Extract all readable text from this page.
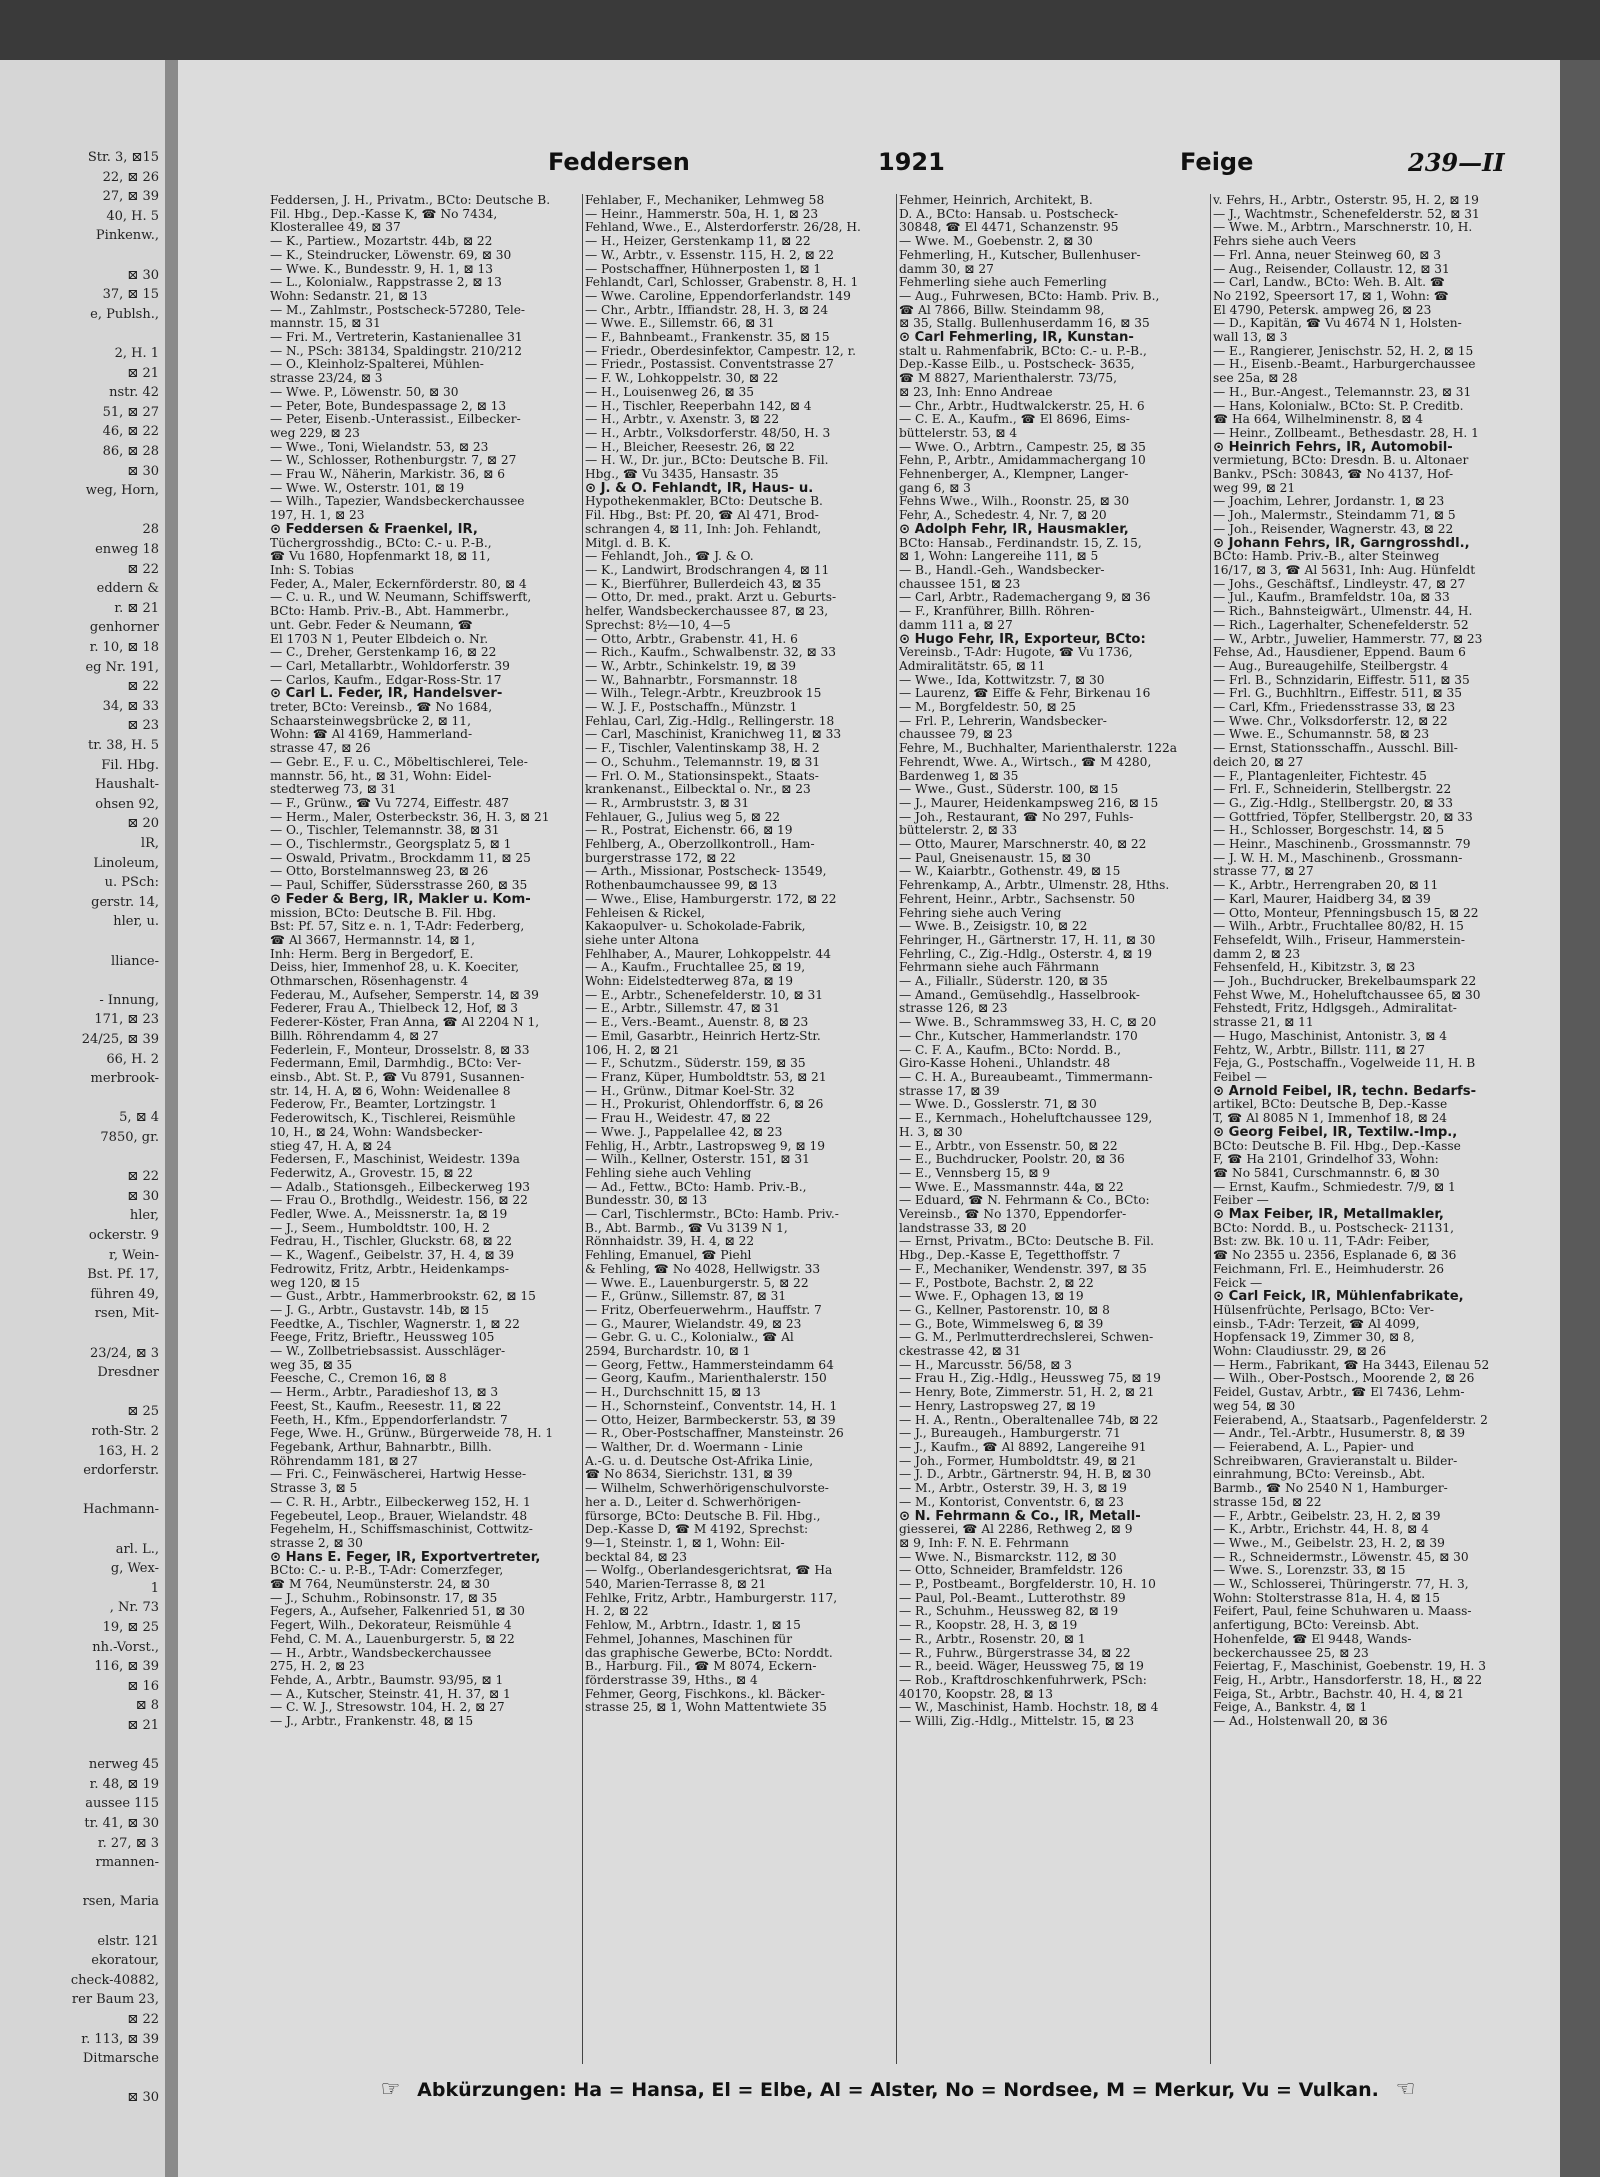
Str. 3, ⊠15
22, ⊠ 26
27, ⊠ 39
40, H. 5
Pinkenw.,
⊠ 30
37, ⊠ 15
e, Publsh.,
2, H. 1
⊠ 21
nstr. 42
51, ⊠ 27
46, ⊠ 22
86, ⊠ 28
⊠ 30
weg, Horn,
28
enweg 18
⊠ 22
eddern &
r. ⊠ 21
genhorner
r. 10, ⊠ 18
eg Nr. 191,
⊠ 22
34, ⊠ 33
⊠ 23
tr. 38, H. 5
Fil. Hbg.
Haushalt-
ohsen 92,
⊠ 20
lR,
Linoleum,
u. PSch:
gerstr. 14,
hler, u.
lliance-
- Innung,
171, ⊠ 23
24/25, ⊠ 39
66, H. 2
merbrook-
5, ⊠ 4
7850, gr.
⊠ 22
⊠ 30
hler,
ockerstr. 9
r, Wein-
Bst. Pf. 17,
führen 49,
rsen, Mit-
23/24, ⊠ 3
Dresdner
⊠ 25
roth-Str. 2
163, H. 2
erdorferstr.
Hachmann-
arl. L.,
g, Wex-
1
, Nr. 73
19, ⊠ 25
nh.-Vorst.,
116, ⊠ 39
⊠ 16
⊠ 8
⊠ 21
nerweg 45
r. 48, ⊠ 19
aussee 115
tr. 41, ⊠ 30
r. 27, ⊠ 3
rmannen-
rsen, Maria
elstr. 121
ekoratour,
check-40882,
rer Baum 23,
⊠ 22
r. 113, ⊠ 39
Ditmarsche
⊠ 30
Feddersen	1921	Feige	239—II
Feddersen, J. H., Privatm., BCto: Deutsche B.
Fil. Hbg., Dep.-Kasse K, ☎ No 7434,
Klosterallee 49, ⊠ 37
— K., Partiew., Mozartstr. 44b, ⊠ 22
— K., Steindrucker, Löwenstr. 69, ⊠ 30
— Wwe. K., Bundesstr. 9, H. 1, ⊠ 13
— L., Kolonialw., Rappstrasse 2, ⊠ 13
Wohn: Sedanstr. 21, ⊠ 13
— M., Zahlmstr., Postscheck-57280, Tele-
mannstr. 15, ⊠ 31
— Fri. M., Vertreterin, Kastanienallee 31
— N., PSch: 38134, Spaldingstr. 210/212
— O., Kleinholz-Spalterei, Mühlen-
strasse 23/24, ⊠ 3
— Wwe. P., Löwenstr. 50, ⊠ 30
— Peter, Bote, Bundespassage 2, ⊠ 13
— Peter, Eisenb.-Unterassist., Eilbecker-
weg 229, ⊠ 23
— Wwe., Toni, Wielandstr. 53, ⊠ 23
— W., Schlosser, Rothenburgstr. 7, ⊠ 27
— Frau W., Näherin, Markistr. 36, ⊠ 6
— Wwe. W., Osterstr. 101, ⊠ 19
— Wilh., Tapezier, Wandsbeckerchaussee
197, H. 1, ⊠ 23
⊙ Feddersen & Fraenkel, IR,
Tüchergrosshdig., BCto: C.- u. P.-B.,
☎ Vu 1680, Hopfenmarkt 18, ⊠ 11,
Inh: S. Tobias
Feder, A., Maler, Eckernförderstr. 80, ⊠ 4
— C. u. R., und W. Neumann, Schiffswerft,
BCto: Hamb. Priv.-B., Abt. Hammerbr.,
unt. Gebr. Feder & Neumann, ☎
El 1703 N 1, Peuter Elbdeich o. Nr.
— C., Dreher, Gerstenkamp 16, ⊠ 22
— Carl, Metallarbtr., Wohldorferstr. 39
— Carlos, Kaufm., Edgar-Ross-Str. 17
⊙ Carl L. Feder, IR, Handelsver-
treter, BCto: Vereinsb., ☎ No 1684,
Schaarsteinwegsbrücke 2, ⊠ 11,
Wohn: ☎ Al 4169, Hammerland-
strasse 47, ⊠ 26
— Gebr. E., F. u. C., Möbeltischlerei, Tele-
mannstr. 56, ht., ⊠ 31, Wohn: Eidel-
stedterweg 73, ⊠ 31
— F., Grünw., ☎ Vu 7274, Eiffestr. 487
— Herm., Maler, Osterbeckstr. 36, H. 3, ⊠ 21
— O., Tischler, Telemannstr. 38, ⊠ 31
— O., Tischlermstr., Georgsplatz 5, ⊠ 1
— Oswald, Privatm., Brockdamm 11, ⊠ 25
— Otto, Borstelmannsweg 23, ⊠ 26
— Paul, Schiffer, Südersstrasse 260, ⊠ 35
⊙ Feder & Berg, IR, Makler u. Kom-
mission, BCto: Deutsche B. Fil. Hbg.
Bst: Pf. 57, Sitz e. n. 1, T-Adr: Federberg,
☎ Al 3667, Hermannstr. 14, ⊠ 1,
Inh: Herm. Berg in Bergedorf, E.
Deiss, hier, Immenhof 28, u. K. Koeciter,
Othmarschen, Rösenhagenstr. 4
Federau, M., Aufseher, Semperstr. 14, ⊠ 39
Federer, Frau A., Thielbeck 12, Hof, ⊠ 3
Federer-Köster, Fran Anna, ☎ Al 2204 N 1,
Billh. Röhrendamm 4, ⊠ 27
Federlein, F., Monteur, Drosselstr. 8, ⊠ 33
Federmann, Emil, Darmhdig., BCto: Ver-
einsb., Abt. St. P., ☎ Vu 8791, Susannen-
str. 14, H. A, ⊠ 6, Wohn: Weidenallee 8
Federow, Fr., Beamter, Lortzingstr. 1
Federowitsch, K., Tischlerei, Reismühle
10, H., ⊠ 24, Wohn: Wandsbecker-
stieg 47, H. A, ⊠ 24
Federsen, F., Maschinist, Weidestr. 139a
Federwitz, A., Grovestr. 15, ⊠ 22
— Adalb., Stationsgeh., Eilbeckerweg 193
— Frau O., Brothdlg., Weidestr. 156, ⊠ 22
Fedler, Wwe. A., Meissnerstr. 1a, ⊠ 19
— J., Seem., Humboldtstr. 100, H. 2
Fedrau, H., Tischler, Gluckstr. 68, ⊠ 22
— K., Wagenf., Geibelstr. 37, H. 4, ⊠ 39
Fedrowitz, Fritz, Arbtr., Heidenkamps-
weg 120, ⊠ 15
— Gust., Arbtr., Hammerbrookstr. 62, ⊠ 15
— J. G., Arbtr., Gustavstr. 14b, ⊠ 15
Feedtke, A., Tischler, Wagnerstr. 1, ⊠ 22
Feege, Fritz, Brieftr., Heussweg 105
— W., Zollbetriebsassist. Ausschläger-
weg 35, ⊠ 35
Feesche, C., Cremon 16, ⊠ 8
— Herm., Arbtr., Paradieshof 13, ⊠ 3
Feest, St., Kaufm., Reesestr. 11, ⊠ 22
Feeth, H., Kfm., Eppendorferlandstr. 7
Fege, Wwe. H., Grünw., Bürgerweide 78, H. 1
Fegebank, Arthur, Bahnarbtr., Billh.
Röhrendamm 181, ⊠ 27
— Fri. C., Feinwäscherei, Hartwig Hesse-
Strasse 3, ⊠ 5
— C. R. H., Arbtr., Eilbeckerweg 152, H. 1
Fegebeutel, Leop., Brauer, Wielandstr. 48
Fegehelm, H., Schiffsmaschinist, Cottwitz-
strasse 2, ⊠ 30
⊙ Hans E. Feger, IR, Exportvertreter,
BCto: C.- u. P.-B., T-Adr: Comerzfeger,
☎ M 764, Neumünsterstr. 24, ⊠ 30
— J., Schuhm., Robinsonstr. 17, ⊠ 35
Fegers, A., Aufseher, Falkenried 51, ⊠ 30
Fegert, Wilh., Dekorateur, Reismühle 4
Fehd, C. M. A., Lauenburgerstr. 5, ⊠ 22
— H., Arbtr., Wandsbeckerchaussee
275, H. 2, ⊠ 23
Fehde, A., Arbtr., Baumstr. 93/95, ⊠ 1
— A., Kutscher, Steinstr. 41, H. 37, ⊠ 1
— C. W. J., Stresowstr. 104, H. 2, ⊠ 27
— J., Arbtr., Frankenstr. 48, ⊠ 15
Fehlaber, F., Mechaniker, Lehmweg 58
— Heinr., Hammerstr. 50a, H. 1, ⊠ 23
Fehland, Wwe., E., Alsterdorferstr. 26/28, H.
— H., Heizer, Gerstenkamp 11, ⊠ 22
— W., Arbtr., v. Essenstr. 115, H. 2, ⊠ 22
— Postschaffner, Hühnerposten 1, ⊠ 1
Fehlandt, Carl, Schlosser, Grabenstr. 8, H. 1
— Wwe. Caroline, Eppendorferlandstr. 149
— Chr., Arbtr., Iffiandstr. 28, H. 3, ⊠ 24
— Wwe. E., Sillemstr. 66, ⊠ 31
— F., Bahnbeamt., Frankenstr. 35, ⊠ 15
— Friedr., Oberdesinfektor, Campestr. 12, r.
— Friedr., Postassist. Conventstrasse 27
— F. W., Lohkoppelstr. 30, ⊠ 22
— H., Louisenweg 26, ⊠ 35
— H., Tischler, Reeperbahn 142, ⊠ 4
— H., Arbtr., v. Axenstr. 3, ⊠ 22
— H., Arbtr., Volksdorferstr. 48/50, H. 3
— H., Bleicher, Reesestr. 26, ⊠ 22
— H. W., Dr. jur., BCto: Deutsche B. Fil.
Hbg., ☎ Vu 3435, Hansastr. 35
⊙ J. & O. Fehlandt, IR, Haus- u.
Hypothekenmakler, BCto: Deutsche B.
Fil. Hbg., Bst: Pf. 20, ☎ Al 471, Brod-
schrangen 4, ⊠ 11, Inh: Joh. Fehlandt,
Mitgl. d. B. K.
— Fehlandt, Joh., ☎ J. & O.
— K., Landwirt, Brodschrangen 4, ⊠ 11
— K., Bierführer, Bullerdeich 43, ⊠ 35
— Otto, Dr. med., prakt. Arzt u. Geburts-
helfer, Wandsbeckerchaussee 87, ⊠ 23,
Sprechst: 8½—10, 4—5
— Otto, Arbtr., Grabenstr. 41, H. 6
— Rich., Kaufm., Schwalbenstr. 32, ⊠ 33
— W., Arbtr., Schinkelstr. 19, ⊠ 39
— W., Bahnarbtr., Forsmannstr. 18
— Wilh., Telegr.-Arbtr., Kreuzbrook 15
— W. J. F., Postschaffn., Münzstr. 1
Fehlau, Carl, Zig.-Hdlg., Rellingerstr. 18
— Carl, Maschinist, Kranichweg 11, ⊠ 33
— F., Tischler, Valentinskamp 38, H. 2
— O., Schuhm., Telemannstr. 19, ⊠ 31
— Frl. O. M., Stationsinspekt., Staats-
krankenanst., Eilbecktal o. Nr., ⊠ 23
— R., Armbruststr. 3, ⊠ 31
Fehlauer, G., Julius weg 5, ⊠ 22
— R., Postrat, Eichenstr. 66, ⊠ 19
Fehlberg, A., Oberzollkontroll., Ham-
burgerstrasse 172, ⊠ 22
— Arth., Missionar, Postscheck- 13549,
Rothenbaumchaussee 99, ⊠ 13
— Wwe., Elise, Hamburgerstr. 172, ⊠ 22
Fehleisen & Rickel,
Kakaopulver- u. Schokolade-Fabrik,
siehe unter Altona
Fehlhaber, A., Maurer, Lohkoppelstr. 44
— A., Kaufm., Fruchtallee 25, ⊠ 19,
Wohn: Eidelstedterweg 87a, ⊠ 19
— E., Arbtr., Schenefelderstr. 10, ⊠ 31
— E., Arbtr., Sillemstr. 47, ⊠ 31
— E., Vers.-Beamt., Auenstr. 8, ⊠ 23
— Emil, Gasarbtr., Heinrich Hertz-Str.
106, H. 2, ⊠ 21
— F., Schutzm., Süderstr. 159, ⊠ 35
— Franz, Küper, Humboldtstr. 53, ⊠ 21
— H., Grünw., Ditmar Koel-Str. 32
— H., Prokurist, Ohlendorffstr. 6, ⊠ 26
— Frau H., Weidestr. 47, ⊠ 22
— Wwe. J., Pappelallee 42, ⊠ 23
Fehlig, H., Arbtr., Lastropsweg 9, ⊠ 19
— Wilh., Kellner, Osterstr. 151, ⊠ 31
Fehling siehe auch Vehling
— Ad., Fettw., BCto: Hamb. Priv.-B.,
Bundesstr. 30, ⊠ 13
— Carl, Tischlermstr., BCto: Hamb. Priv.-
B., Abt. Barmb., ☎ Vu 3139 N 1,
Rönnhaidstr. 39, H. 4, ⊠ 22
Fehling, Emanuel, ☎ Piehl
& Fehling, ☎ No 4028, Hellwigstr. 33
— Wwe. E., Lauenburgerstr. 5, ⊠ 22
— F., Grünw., Sillemstr. 87, ⊠ 31
— Fritz, Oberfeuerwehrm., Hauffstr. 7
— G., Maurer, Wielandstr. 49, ⊠ 23
— Gebr. G. u. C., Kolonialw., ☎ Al
2594, Burchardstr. 10, ⊠ 1
— Georg, Fettw., Hammersteindamm 64
— Georg, Kaufm., Marienthalerstr. 150
— H., Durchschnitt 15, ⊠ 13
— H., Schornsteinf., Conventstr. 14, H. 1
— Otto, Heizer, Barmbeckerstr. 53, ⊠ 39
— R., Ober-Postschaffner, Mansteinstr. 26
— Walther, Dr. d. Woermann - Linie
A.-G. u. d. Deutsche Ost-Afrika Linie,
☎ No 8634, Sierichstr. 131, ⊠ 39
— Wilhelm, Schwerhörigenschulvorste-
her a. D., Leiter d. Schwerhörigen-
fürsorge, BCto: Deutsche B. Fil. Hbg.,
Dep.-Kasse D, ☎ M 4192, Sprechst:
9—1, Steinstr. 1, ⊠ 1, Wohn: Eil-
becktal 84, ⊠ 23
— Wolfg., Oberlandesgerichtsrat, ☎ Ha
540, Marien-Terrasse 8, ⊠ 21
Fehlke, Fritz, Arbtr., Hamburgerstr. 117,
H. 2, ⊠ 22
Fehlow, M., Arbtrn., Idastr. 1, ⊠ 15
Fehmel, Johannes, Maschinen für
das graphische Gewerbe, BCto: Norddt.
B., Harburg. Fil., ☎ M 8074, Eckern-
förderstrasse 39, Hths., ⊠ 4
Fehmer, Georg, Fischkons., kl. Bäcker-
strasse 25, ⊠ 1, Wohn Mattentwiete 35
Fehmer, Heinrich, Architekt, B.
D. A., BCto: Hansab. u. Postscheck-
30848, ☎ El 4471, Schanzenstr. 95
— Wwe. M., Goebenstr. 2, ⊠ 30
Fehmerling, H., Kutscher, Bullenhuser-
damm 30, ⊠ 27
Fehmerling siehe auch Femerling
— Aug., Fuhrwesen, BCto: Hamb. Priv. B.,
☎ Al 7866, Billw. Steindamm 98,
⊠ 35, Stallg. Bullenhuserdamm 16, ⊠ 35
⊙ Carl Fehmerling, IR, Kunstan-
stalt u. Rahmenfabrik, BCto: C.- u. P.-B.,
Dep.-Kasse Eilb., u. Postscheck- 3635,
☎ M 8827, Marienthalerstr. 73/75,
⊠ 23, Inh: Enno Andreae
— Chr., Arbtr., Hudtwalckerstr. 25, H. 6
— C. E. A., Kaufm., ☎ El 8696, Eims-
büttelerstr. 53, ⊠ 4
— Wwe. O., Arbtrn., Campestr. 25, ⊠ 35
Fehn, P., Arbtr., Amidammachergang 10
Fehnenberger, A., Klempner, Langer-
gang 6, ⊠ 3
Fehns Wwe., Wilh., Roonstr. 25, ⊠ 30
Fehr, A., Schedestr. 4, Nr. 7, ⊠ 20
⊙ Adolph Fehr, IR, Hausmakler,
BCto: Hansab., Ferdinandstr. 15, Z. 15,
⊠ 1, Wohn: Langereihe 111, ⊠ 5
— B., Handl.-Geh., Wandsbecker-
chaussee 151, ⊠ 23
— Carl, Arbtr., Rademachergang 9, ⊠ 36
— F., Kranführer, Billh. Röhren-
damm 111 a, ⊠ 27
⊙ Hugo Fehr, IR, Exporteur, BCto:
Vereinsb., T-Adr: Hugote, ☎ Vu 1736,
Admiralitätstr. 65, ⊠ 11
— Wwe., Ida, Kottwitzstr. 7, ⊠ 30
— Laurenz, ☎ Eiffe & Fehr, Birkenau 16
— M., Borgfeldestr. 50, ⊠ 25
— Frl. P., Lehrerin, Wandsbecker-
chaussee 79, ⊠ 23
Fehre, M., Buchhalter, Marienthalerstr. 122a
Fehrendt, Wwe. A., Wirtsch., ☎ M 4280,
Bardenweg 1, ⊠ 35
— Wwe., Gust., Süderstr. 100, ⊠ 15
— J., Maurer, Heidenkampsweg 216, ⊠ 15
— Joh., Restaurant, ☎ No 297, Fuhls-
büttelerstr. 2, ⊠ 33
— Otto, Maurer, Marschnerstr. 40, ⊠ 22
— Paul, Gneisenaustr. 15, ⊠ 30
— W., Kaiarbtr., Gothenstr. 49, ⊠ 15
Fehrenkamp, A., Arbtr., Ulmenstr. 28, Hths.
Fehrent, Heinr., Arbtr., Sachsenstr. 50
Fehring siehe auch Vering
— Wwe. B., Zeisigstr. 10, ⊠ 22
Fehringer, H., Gärtnerstr. 17, H. 11, ⊠ 30
Fehrling, C., Zig.-Hdlg., Osterstr. 4, ⊠ 19
Fehrmann siehe auch Fährmann
— A., Filiallr., Süderstr. 120, ⊠ 35
— Amand., Gemüsehdlg., Hasselbrook-
strasse 126, ⊠ 23
— Wwe. B., Schrammsweg 33, H. C, ⊠ 20
— Chr., Kutscher, Hammerlandstr. 170
— C. F. A., Kaufm., BCto: Nordd. B.,
Giro-Kasse Hoheni., Uhlandstr. 48
— C. H. A., Bureaubeamt., Timmermann-
strasse 17, ⊠ 39
— Wwe. D., Gosslerstr. 71, ⊠ 30
— E., Kernmach., Hoheluftchaussee 129,
H. 3, ⊠ 30
— E., Arbtr., von Essenstr. 50, ⊠ 22
— E., Buchdrucker, Poolstr. 20, ⊠ 36
— E., Vennsberg 15, ⊠ 9
— Wwe. E., Massmannstr. 44a, ⊠ 22
— Eduard, ☎ N. Fehrmann & Co., BCto:
Vereinsb., ☎ No 1370, Eppendorfer-
landstrasse 33, ⊠ 20
— Ernst, Privatm., BCto: Deutsche B. Fil.
Hbg., Dep.-Kasse E, Tegetthoffstr. 7
— F., Mechaniker, Wendenstr. 397, ⊠ 35
— F., Postbote, Bachstr. 2, ⊠ 22
— Wwe. F., Ophagen 13, ⊠ 19
— G., Kellner, Pastorenstr. 10, ⊠ 8
— G., Bote, Wimmelsweg 6, ⊠ 39
— G. M., Perlmutterdrechslerei, Schwen-
ckestrasse 42, ⊠ 31
— H., Marcusstr. 56/58, ⊠ 3
— Frau H., Zig.-Hdlg., Heussweg 75, ⊠ 19
— Henry, Bote, Zimmerstr. 51, H. 2, ⊠ 21
— Henry, Lastropsweg 27, ⊠ 19
— H. A., Rentn., Oberaltenallee 74b, ⊠ 22
— J., Bureaugeh., Hamburgerstr. 71
— J., Kaufm., ☎ Al 8892, Langereihe 91
— Joh., Former, Humboldtstr. 49, ⊠ 21
— J. D., Arbtr., Gärtnerstr. 94, H. B, ⊠ 30
— M., Arbtr., Osterstr. 39, H. 3, ⊠ 19
— M., Kontorist, Conventstr. 6, ⊠ 23
⊙ N. Fehrmann & Co., IR, Metall-
giesserei, ☎ Al 2286, Rethweg 2, ⊠ 9
⊠ 9, Inh: F. N. E. Fehrmann
— Wwe. N., Bismarckstr. 112, ⊠ 30
— Otto, Schneider, Bramfeldstr. 126
— P., Postbeamt., Borgfelderstr. 10, H. 10
— Paul, Pol.-Beamt., Lutterothstr. 89
— R., Schuhm., Heussweg 82, ⊠ 19
— R., Koopstr. 28, H. 3, ⊠ 19
— R., Arbtr., Rosenstr. 20, ⊠ 1
— R., Fuhrw., Bürgerstrasse 34, ⊠ 22
— R., beeid. Wäger, Heussweg 75, ⊠ 19
— Rob., Kraftdroschkenfuhrwerk, PSch:
40170, Koopstr. 28, ⊠ 13
— W., Maschinist, Hamb. Hochstr. 18, ⊠ 4
— Willi, Zig.-Hdlg., Mittelstr. 15, ⊠ 23
v. Fehrs, H., Arbtr., Osterstr. 95, H. 2, ⊠ 19
— J., Wachtmstr., Schenefelderstr. 52, ⊠ 31
— Wwe. M., Arbtrn., Marschnerstr. 10, H.
Fehrs siehe auch Veers
— Frl. Anna, neuer Steinweg 60, ⊠ 3
— Aug., Reisender, Collaustr. 12, ⊠ 31
— Carl, Landw., BCto: Weh. B. Alt. ☎
No 2192, Speersort 17, ⊠ 1, Wohn: ☎
El 4790, Petersk. ampweg 26, ⊠ 23
— D., Kapitän, ☎ Vu 4674 N 1, Holsten-
wall 13, ⊠ 3
— E., Rangierer, Jenischstr. 52, H. 2, ⊠ 15
— H., Eisenb.-Beamt., Harburgerchaussee
see 25a, ⊠ 28
— H., Bur.-Angest., Telemannstr. 23, ⊠ 31
— Hans, Kolonialw., BCto: St. P. Creditb.
☎ Ha 664, Wilhelminenstr. 8, ⊠ 4
— Heinr., Zollbeamt., Bethesdastr. 28, H. 1
⊙ Heinrich Fehrs, IR, Automobil-
vermietung, BCto: Dresdn. B. u. Altonaer
Bankv., PSch: 30843, ☎ No 4137, Hof-
weg 99, ⊠ 21
— Joachim, Lehrer, Jordanstr. 1, ⊠ 23
— Joh., Malermstr., Steindamm 71, ⊠ 5
— Joh., Reisender, Wagnerstr. 43, ⊠ 22
⊙ Johann Fehrs, IR, Garngrosshdl.,
BCto: Hamb. Priv.-B., alter Steinweg
16/17, ⊠ 3, ☎ Al 5631, Inh: Aug. Hünfeldt
— Johs., Geschäftsf., Lindleystr. 47, ⊠ 27
— Jul., Kaufm., Bramfeldstr. 10a, ⊠ 33
— Rich., Bahnsteigwärt., Ulmenstr. 44, H.
— Rich., Lagerhalter, Schenefelderstr. 52
— W., Arbtr., Juwelier, Hammerstr. 77, ⊠ 23
Fehse, Ad., Hausdiener, Eppend. Baum 6
— Aug., Bureaugehilfe, Steilbergstr. 4
— Frl. B., Schnzidarin, Eiffestr. 511, ⊠ 35
— Frl. G., Buchhltrn., Eiffestr. 511, ⊠ 35
— Carl, Kfm., Friedensstrasse 33, ⊠ 23
— Wwe. Chr., Volksdorferstr. 12, ⊠ 22
— Wwe. E., Schumannstr. 58, ⊠ 23
— Ernst, Stationsschaffn., Ausschl. Bill-
deich 20, ⊠ 27
— F., Plantagenleiter, Fichtestr. 45
— Frl. F., Schneiderin, Stellbergstr. 22
— G., Zig.-Hdlg., Stellbergstr. 20, ⊠ 33
— Gottfried, Töpfer, Stellbergstr. 20, ⊠ 33
— H., Schlosser, Borgeschstr. 14, ⊠ 5
— Heinr., Maschinenb., Grossmannstr. 79
— J. W. H. M., Maschinenb., Grossmann-
strasse 77, ⊠ 27
— K., Arbtr., Herrengraben 20, ⊠ 11
— Karl, Maurer, Haidberg 34, ⊠ 39
— Otto, Monteur, Pfenningsbusch 15, ⊠ 22
— Wilh., Arbtr., Fruchtallee 80/82, H. 15
Fehsefeldt, Wilh., Friseur, Hammerstein-
damm 2, ⊠ 23
Fehsenfeld, H., Kibitzstr. 3, ⊠ 23
— Joh., Buchdrucker, Brekelbaumspark 22
Fehst Wwe, M., Hoheluftchaussee 65, ⊠ 30
Fehstedt, Fritz, Hdlgsgeh., Admiralitat-
strasse 21, ⊠ 11
— Hugo, Maschinist, Antonistr. 3, ⊠ 4
Fehtz, W., Arbtr., Billstr. 111, ⊠ 27
Feja, G., Postschaffn., Vogelweide 11, H. B
Feibel —
⊙ Arnold Feibel, IR, techn. Bedarfs-
artikel, BCto: Deutsche B, Dep.-Kasse
T, ☎ Al 8085 N 1, Immenhof 18, ⊠ 24
⊙ Georg Feibel, IR, Textilw.-Imp.,
BCto: Deutsche B. Fil. Hbg., Dep.-Kasse
F, ☎ Ha 2101, Grindelhof 33, Wohn:
☎ No 5841, Curschmannstr. 6, ⊠ 30
— Ernst, Kaufm., Schmiedestr. 7/9, ⊠ 1
Feiber —
⊙ Max Feiber, IR, Metallmakler,
BCto: Nordd. B., u. Postscheck- 21131,
Bst: zw. Bk. 10 u. 11, T-Adr: Feiber,
☎ No 2355 u. 2356, Esplanade 6, ⊠ 36
Feichmann, Frl. E., Heimhuderstr. 26
Feick —
⊙ Carl Feick, IR, Mühlenfabrikate,
Hülsenfrüchte, Perlsago, BCto: Ver-
einsb., T-Adr: Terzeit, ☎ Al 4099,
Hopfensack 19, Zimmer 30, ⊠ 8,
Wohn: Claudiusstr. 29, ⊠ 26
— Herm., Fabrikant, ☎ Ha 3443, Eilenau 52
— Wilh., Ober-Postsch., Moorende 2, ⊠ 26
Feidel, Gustav, Arbtr., ☎ El 7436, Lehm-
weg 54, ⊠ 30
Feierabend, A., Staatsarb., Pagenfelderstr. 2
— Andr., Tel.-Arbtr., Husumerstr. 8, ⊠ 39
— Feierabend, A. L., Papier- und
Schreibwaren, Gravieranstalt u. Bilder-
einrahmung, BCto: Vereinsb., Abt.
Barmb., ☎ No 2540 N 1, Hamburger-
strasse 15d, ⊠ 22
— F., Arbtr., Geibelstr. 23, H. 2, ⊠ 39
— K., Arbtr., Erichstr. 44, H. 8, ⊠ 4
— Wwe., M., Geibelstr. 23, H. 2, ⊠ 39
— R., Schneidermstr., Löwenstr. 45, ⊠ 30
— Wwe. S., Lorenzstr. 33, ⊠ 15
— W., Schlosserei, Thüringerstr. 77, H. 3,
Wohn: Stolterstrasse 81a, H. 4, ⊠ 15
Feifert, Paul, feine Schuhwaren u. Maass-
anfertigung, BCto: Vereinsb. Abt.
Hohenfelde, ☎ El 9448, Wands-
beckerchaussee 25, ⊠ 23
Feiertag, F., Maschinist, Goebenstr. 19, H. 3
Feig, H., Arbtr., Hansdorferstr. 18, H., ⊠ 22
Feiga, St., Arbtr., Bachstr. 40, H. 4, ⊠ 21
Feige, A., Bankstr. 4, ⊠ 1
— Ad., Holstenwall 20, ⊠ 36
☞ Abkürzungen: Ha = Hansa, El = Elbe, Al = Alster, No = Nordsee, M = Merkur, Vu = Vulkan. ☜
